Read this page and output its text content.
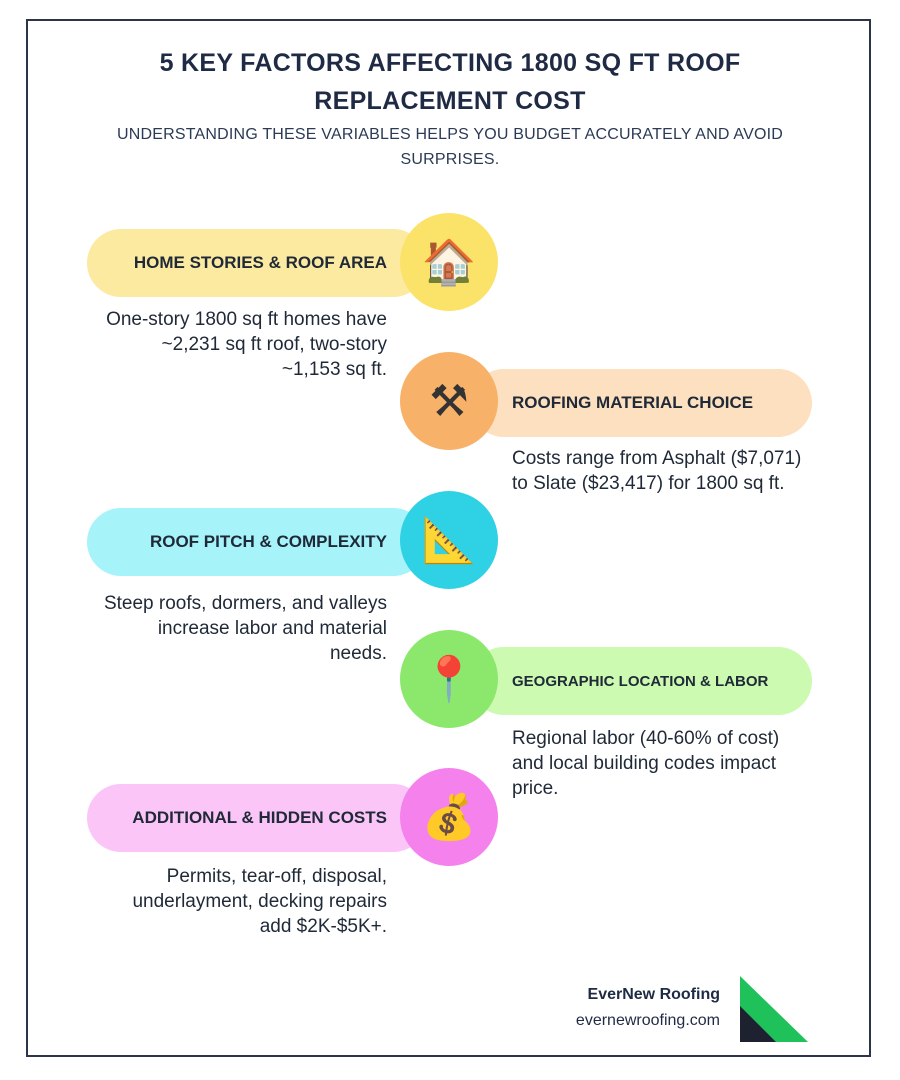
5 KEY FACTORS AFFECTING 1800 SQ FT ROOF
REPLACEMENT COST
UNDERSTANDING THESE VARIABLES HELPS YOU BUDGET ACCURATELY AND AVOID SURPRISES.
HOME STORIES & ROOF AREA 🏠
One-story 1800 sq ft homes have ~2,231 sq ft roof, two-story ~1,153 sq ft.
ROOFING MATERIAL CHOICE
⚒
Costs range from Asphalt ($7,071) to Slate ($23,417) for 1800 sq ft.
ROOF PITCH & COMPLEXITY 📐
Steep roofs, dormers, and valleys increase labor and material needs.
GEOGRAPHIC LOCATION & LABOR
📍
Regional labor (40-60% of cost) and local building codes impact price.
ADDITIONAL & HIDDEN COSTS 💰
Permits, tear-off, disposal, underlayment, decking repairs add $2K-$5K+.
EverNew Roofing
evernewroofing.com
